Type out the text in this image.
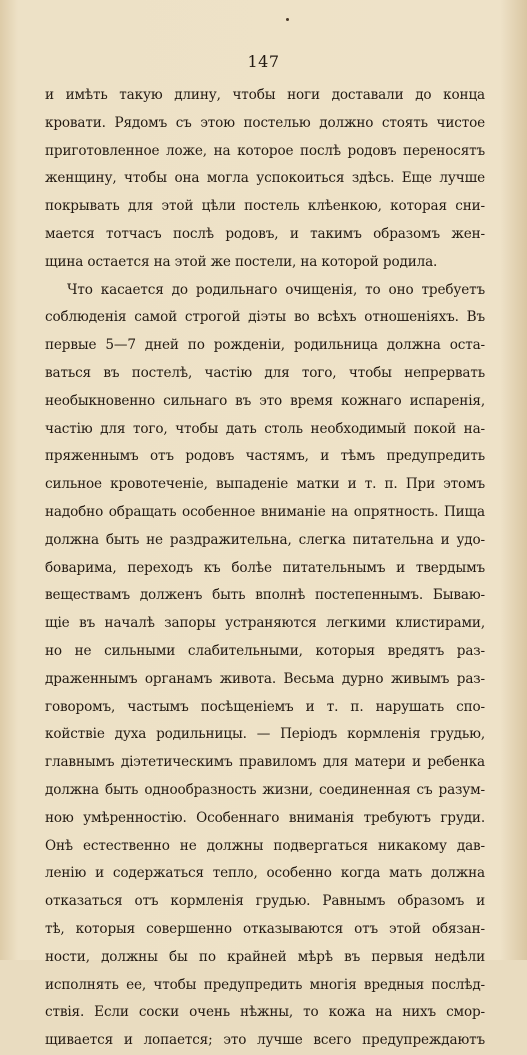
147
и имѣть такую длину, чтобы ноги доставали до конца
кровати. Рядомъ съ этою постелью должно стоять чистое
приготовленное ложе, на которое послѣ родовъ переносятъ
женщину, чтобы она могла успокоиться здѣсь. Еще лучше
покрывать для этой цѣли постель клѣенкою, которая сни-
мается тотчасъ послѣ родовъ, и такимъ образомъ жен-
щина остается на этой же постели, на которой родила.
Что касается до родильнаго очищенія, то оно требуетъ
соблюденія самой строгой діэты во всѣхъ отношеніяхъ. Въ
первые 5—7 дней по рожденіи, родильница должна оста-
ваться въ постелѣ, частію для того, чтобы непрервать
необыкновенно сильнаго въ это время кожнаго испаренія,
частію для того, чтобы дать столь необходимый покой на-
пряженнымъ отъ родовъ частямъ, и тѣмъ предупредить
сильное кровотеченіе, выпаденіе матки и т. п. При этомъ
надобно обращать особенное вниманіе на опрятность. Пища
должна быть не раздражительна, слегка питательна и удо-
боварима, переходъ къ болѣе питательнымъ и твердымъ
веществамъ долженъ быть вполнѣ постепеннымъ. Бываю-
щіе въ началѣ запоры устраняются легкими клистирами,
но не сильными слабительными, которыя вредятъ раз-
драженнымъ органамъ живота. Весьма дурно живымъ раз-
говоромъ, частымъ посѣщеніемъ и т. п. нарушать спо-
койствіе духа родильницы. — Періодъ кормленія грудью,
главнымъ діэтетическимъ правиломъ для матери и ребенка
должна быть однообразность жизни, соединенная съ разум-
ною умѣренностію. Особеннаго вниманія требуютъ груди.
Онѣ естественно не должны подвергаться никакому дав-
ленію и содержаться тепло, особенно когда мать должна
отказаться отъ кормленія грудью. Равнымъ образомъ и
тѣ, которыя совершенно отказываются отъ этой обязан-
ности, должны бы по крайней мѣрѣ въ первыя недѣли
исполнять ее, чтобы предупредить многія вредныя послѣд-
ствія. Если соски очень нѣжны, то кожа на нихъ смор-
щивается и лопается; это лучше всего предупреждаютъ
